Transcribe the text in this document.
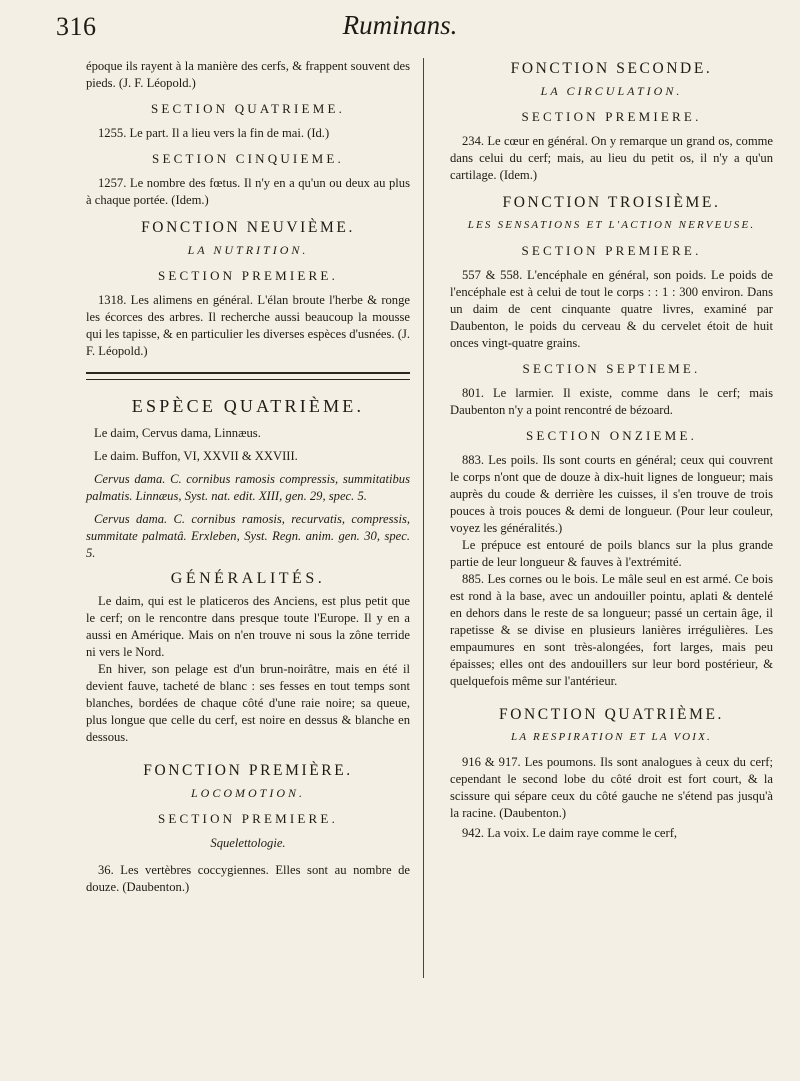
316	Ruminans.

époque ils rayent à la manière des cerfs, & frappent souvent des pieds. (J. F. Léopold.)

SECTION QUATRIEME.

1255. Le part. Il a lieu vers la fin de mai. (Id.)

SECTION CINQUIEME.

1257. Le nombre des fœtus. Il n'y en a qu'un ou deux au plus à chaque portée. (Idem.)

FONCTION NEUVIÈME.
LA NUTRITION.
SECTION PREMIERE.

1318. Les alimens en général. L'élan broute l'herbe & ronge les écorces des arbres. Il recherche aussi beaucoup la mousse qui les tapisse, & en particulier les diverses espèces d'usnées. (J. F. Léopold.)

ESPÈCE QUATRIÈME.

Le daim, Cervus dama, Linnæus.

Le daim. Buffon, VI, XXVII & XXVIII.

Cervus dama. C. cornibus ramosis compressis, summitatibus palmatis. Linnæus, Syst. nat. edit. XIII, gen. 29, spec. 5.

Cervus dama. C. cornibus ramosis, recurvatis, compressis, summitate palmatâ. Erxleben, Syst. Regn. anim. gen. 30, spec. 5.

GÉNÉRALITÉS.

Le daim, qui est le platiceros des Anciens, est plus petit que le cerf; on le rencontre dans presque toute l'Europe. Il y en a aussi en Amérique. Mais on n'en trouve ni sous la zône terride ni vers le Nord.

En hiver, son pelage est d'un brun-noirâtre, mais en été il devient fauve, tacheté de blanc : ses fesses en tout temps sont blanches, bordées de chaque côté d'une raie noire; sa queue, plus longue que celle du cerf, est noire en dessus & blanche en dessous.

FONCTION PREMIÈRE.
LOCOMOTION.
SECTION PREMIERE.
Squelettologie.

36. Les vertèbres coccygiennes. Elles sont au nombre de douze. (Daubenton.)

FONCTION SECONDE.
LA CIRCULATION.
SECTION PREMIERE.

234. Le cœur en général. On y remarque un grand os, comme dans celui du cerf; mais, au lieu du petit os, il n'y a qu'un cartilage. (Idem.)

FONCTION TROISIÈME.
LES SENSATIONS ET L'ACTION NERVEUSE.
SECTION PREMIERE.

557 & 558. L'encéphale en général, son poids. Le poids de l'encéphale est à celui de tout le corps : : 1 : 300 environ. Dans un daim de cent cinquante quatre livres, examiné par Daubenton, le poids du cerveau & du cervelet étoit de huit onces vingt-quatre grains.

SECTION SEPTIEME.

801. Le larmier. Il existe, comme dans le cerf; mais Daubenton n'y a point rencontré de bézoard.

SECTION ONZIEME.

883. Les poils. Ils sont courts en général; ceux qui couvrent le corps n'ont que de douze à dix-huit lignes de longueur; mais auprès du coude & derrière les cuisses, il s'en trouve de trois pouces à trois pouces & demi de longueur. (Pour leur couleur, voyez les généralités.)

Le prépuce est entouré de poils blancs sur la plus grande partie de leur longueur & fauves à l'extrémité.

885. Les cornes ou le bois. Le mâle seul en est armé. Ce bois est rond à la base, avec un andouiller pointu, aplati & dentelé en dehors dans le reste de sa longueur; passé un certain âge, il rapetisse & se divise en plusieurs lanières irrégulières. Les empaumures en sont très-alongées, fort larges, mais peu épaisses; elles ont des andouillers sur leur bord postérieur, & quelquefois même sur l'antérieur.

FONCTION QUATRIÈME.
LA RESPIRATION ET LA VOIX.

916 & 917. Les poumons. Ils sont analogues à ceux du cerf; cependant le second lobe du côté droit est fort court, & la scissure qui sépare ceux du côté gauche ne s'étend pas jusqu'à la racine. (Daubenton.)

942. La voix. Le daim raye comme le cerf,
